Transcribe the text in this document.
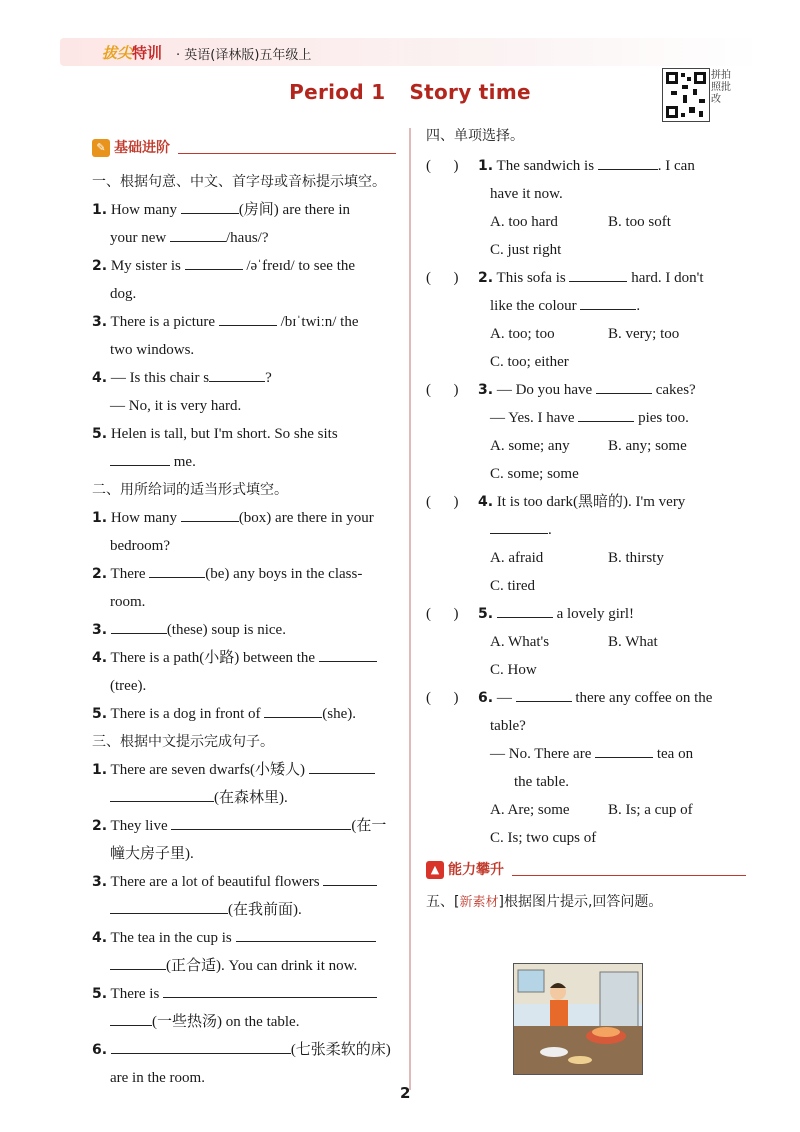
拔尖特训 · 英语(译林版)五年级上
拼拍照批改
Period 1 Story time
✎ 基础进阶
一、根据句意、中文、首字母或音标提示填空。
1. How many	(房间) are there in
your new	/haus/?
2. My sister is	/əˈfreɪd/ to see the
dog.
3. There is a picture	/bɪˈtwiːn/ the
two windows.
4. — Is this chair s	?
— No, it is very hard.
5. Helen is tall, but I'm short. So she sits
me.
二、用所给词的适当形式填空。
1. How many	(box) are there in your
bedroom?
2. There	(be) any boys in the class-
room.
3.	(these) soup is nice.
4. There is a path(小路) between the
(tree).
5. There is a dog in front of	(she).
三、根据中文提示完成句子。
1. There are seven dwarfs(小矮人)
(在森林里).
2. They live	(在一
幢大房子里).
3. There are a lot of beautiful flowers
(在我前面).
4. The tea in the cup is
(正合适). You can drink it now.
5. There is
(一些热汤) on the table.
6.	(七张柔软的床)
are in the room.
四、单项选择。
(      ) 1. The sandwich is	. I can
have it now.
A. too hard	B. too soft
C. just right
(      ) 2. This sofa is	hard. I don't
like the colour	.
A. too; too	B. very; too
C. too; either
(      ) 3. — Do you have	cakes?
— Yes. I have	pies too.
A. some; any	B. any; some
C. some; some
(      ) 4. It is too dark(黑暗的). I'm very
.
A. afraid	B. thirsty
C. tired
(      ) 5.	a lovely girl!
A. What's	B. What
C. How
(      ) 6. —	there any coffee on the
table?
— No. There are	tea on
the table.
A. Are; some	B. Is; a cup of
C. Is; two cups of
▲ 能力攀升
五、[新素材]根据图片提示,回答问题。
2
